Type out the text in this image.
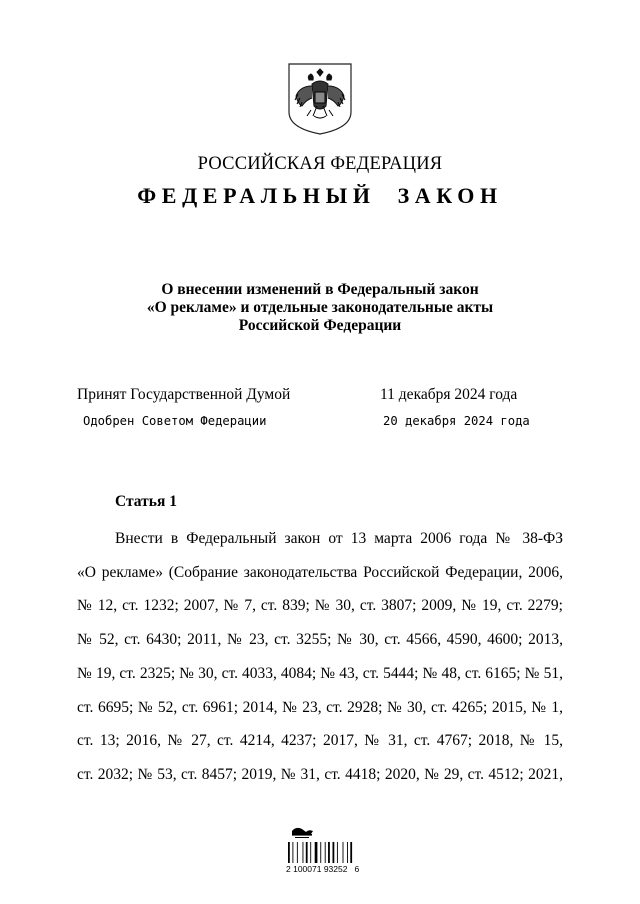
РОССИЙСКАЯ ФЕДЕРАЦИЯ
ФЕДЕРАЛЬНЫЙ ЗАКОН
О внесении изменений в Федеральный закон
«О рекламе» и отдельные законодательные акты
Российской Федерации
Принят Государственной Думой	11 декабря 2024 года
Одобрен Советом Федерации	20 декабря 2024 года
Статья 1
Внести в Федеральный закон от 13 марта 2006 года № 38-ФЗ
«О рекламе» (Собрание законодательства Российской Федерации, 2006,
№ 12, ст. 1232; 2007, № 7, ст. 839; № 30, ст. 3807; 2009, № 19, ст. 2279;
№ 52, ст. 6430; 2011, № 23, ст. 3255; № 30, ст. 4566, 4590, 4600; 2013,
№ 19, ст. 2325; № 30, ст. 4033, 4084; № 43, ст. 5444; № 48, ст. 6165; № 51,
ст. 6695; № 52, ст. 6961; 2014, № 23, ст. 2928; № 30, ст. 4265; 2015, № 1,
ст. 13; 2016, № 27, ст. 4214, 4237; 2017, № 31, ст. 4767; 2018, № 15,
ст. 2032; № 53, ст. 8457; 2019, № 31, ст. 4418; 2020, № 29, ст. 4512; 2021,
2 100071 93252   6
